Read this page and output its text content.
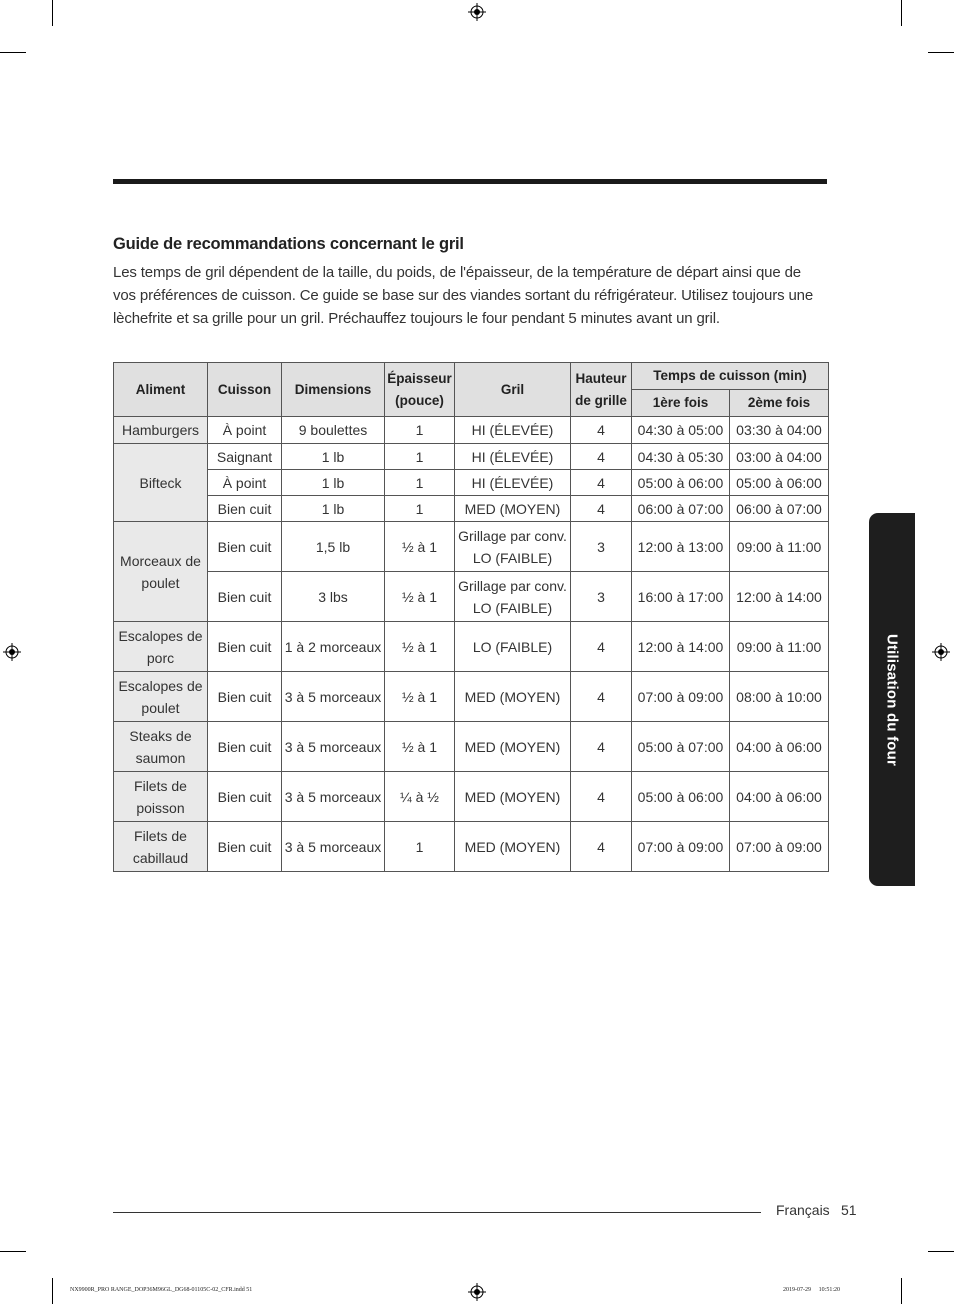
Guide de recommandations concernant le gril
Les temps de gril dépendent de la taille, du poids, de l'épaisseur, de la température de départ ainsi que de vos préférences de cuisson. Ce guide se base sur des viandes sortant du réfrigérateur. Utilisez toujours une lèchefrite et sa grille pour un gril. Préchauffez toujours le four pendant 5 minutes avant un gril.
Aliment	Cuisson	Dimensions	Épaisseur (pouce)	Gril	Hauteur de grille	Temps de cuisson (min)	
						1ère fois	2ème fois
Hamburgers	À point	9 boulettes	1	HI (ÉLEVÉE)	4	04:30 à 05:00	03:30 à 04:00
Bifteck	Saignant	1 lb	1	HI (ÉLEVÉE)	4	04:30 à 05:30	03:00 à 04:00
	À point	1 lb	1	HI (ÉLEVÉE)	4	05:00 à 06:00	05:00 à 06:00
	Bien cuit	1 lb	1	MED (MOYEN)	4	06:00 à 07:00	06:00 à 07:00
Morceaux de poulet	Bien cuit	1,5 lb	½ à 1	Grillage par conv. LO (FAIBLE)	3	12:00 à 13:00	09:00 à 11:00
	Bien cuit	3 lbs	½ à 1	Grillage par conv. LO (FAIBLE)	3	16:00 à 17:00	12:00 à 14:00
Escalopes de porc	Bien cuit	1 à 2 morceaux	½ à 1	LO (FAIBLE)	4	12:00 à 14:00	09:00 à 11:00
Escalopes de poulet	Bien cuit	3 à 5 morceaux	½ à 1	MED (MOYEN)	4	07:00 à 09:00	08:00 à 10:00
Steaks de saumon	Bien cuit	3 à 5 morceaux	½ à 1	MED (MOYEN)	4	05:00 à 07:00	04:00 à 06:00
Filets de poisson	Bien cuit	3 à 5 morceaux	¼ à ½	MED (MOYEN)	4	05:00 à 06:00	04:00 à 06:00
Filets de cabillaud	Bien cuit	3 à 5 morceaux	1	MED (MOYEN)	4	07:00 à 09:00	07:00 à 09:00
Utilisation du four
Français 51
NX9900R_PRO RANGE_DOP36M96GL_DG68-01105C-02_CFR.indd 51	2019-07-29 ￿ 10:51:20
